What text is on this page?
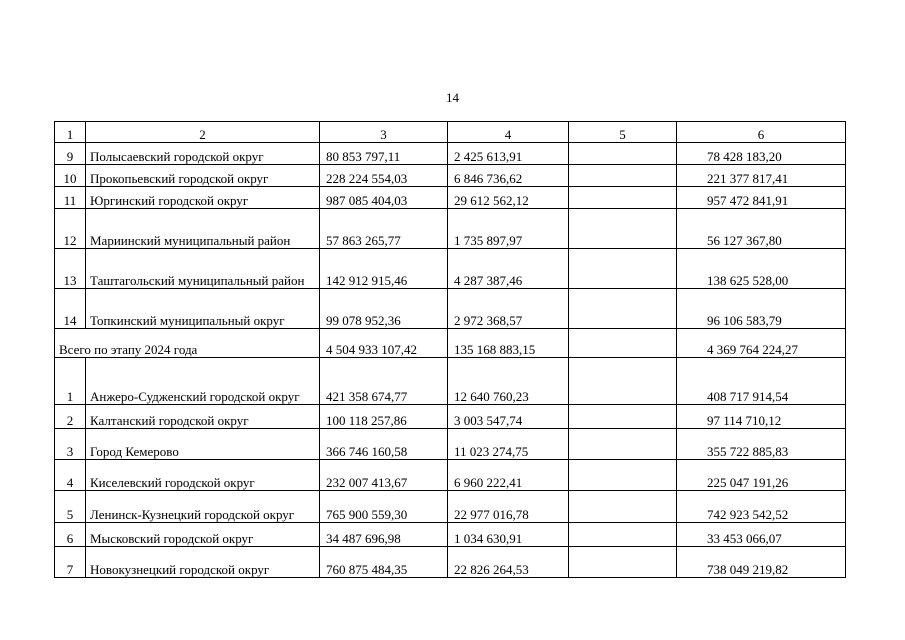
14
1	2	3	4	5	6
9	Полысаевский городской округ	80 853 797,11	2 425 613,91		78 428 183,20
10	Прокопьевский городской округ	228 224 554,03	6 846 736,62		221 377 817,41
11	Юргинский городской округ	987 085 404,03	29 612 562,12		957 472 841,91
12	Мариинский муниципальный район	57 863 265,77	1 735 897,97		56 127 367,80
13	Таштагольский муниципальный район	142 912 915,46	4 287 387,46		138 625 528,00
14	Топкинский муниципальный округ	99 078 952,36	2 972 368,57		96 106 583,79
Всего по этапу 2024 года		4 504 933 107,42	135 168 883,15		4 369 764 224,27
1	Анжеро-Судженский городской округ	421 358 674,77	12 640 760,23		408 717 914,54
2	Калтанский городской округ	100 118 257,86	3 003 547,74		97 114 710,12
3	Город Кемерово	366 746 160,58	11 023 274,75		355 722 885,83
4	Киселевский городской округ	232 007 413,67	6 960 222,41		225 047 191,26
5	Ленинск-Кузнецкий городской округ	765 900 559,30	22 977 016,78		742 923 542,52
6	Мысковский городской округ	34 487 696,98	1 034 630,91		33 453 066,07
7	Новокузнецкий городской округ	760 875 484,35	22 826 264,53		738 049 219,82
